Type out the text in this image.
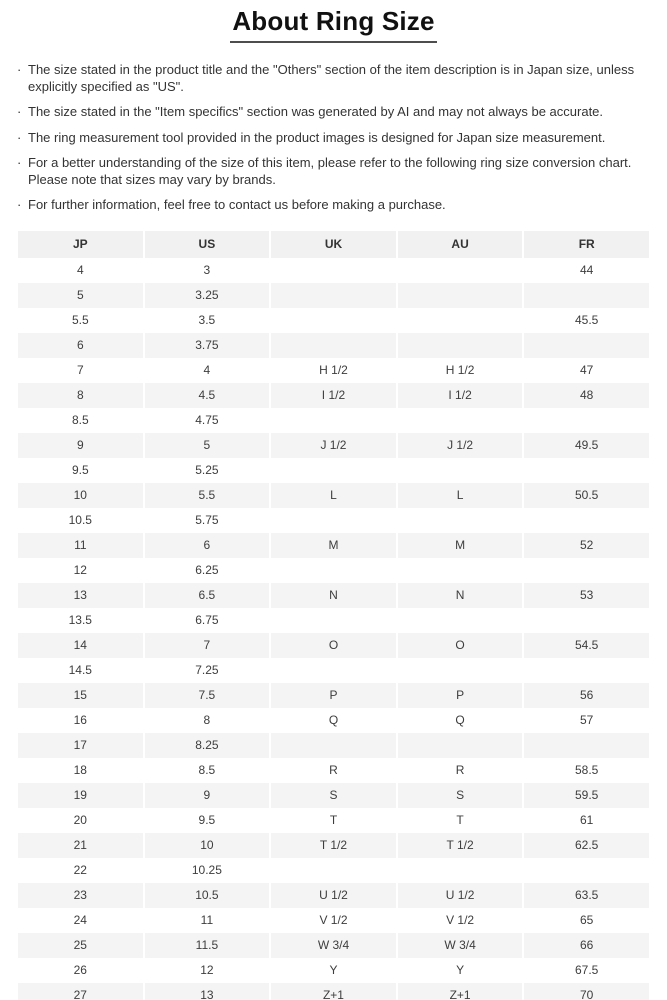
About Ring Size
· The size stated in the product title and the "Others" section of the item description is in Japan size, unless explicitly specified as "US".
· The size stated in the "Item specifics" section was generated by AI and may not always be accurate.
· The ring measurement tool provided in the product images is designed for Japan size measurement.
· For a better understanding of the size of this item, please refer to the following ring size conversion chart. Please note that sizes may vary by brands.
· For further information, feel free to contact us before making a purchase.
JP	US	UK	AU	FR
4	3			44
5	3.25			
5.5	3.5			45.5
6	3.75			
7	4	H 1/2	H 1/2	47
8	4.5	I 1/2	I 1/2	48
8.5	4.75			
9	5	J 1/2	J 1/2	49.5
9.5	5.25			
10	5.5	L	L	50.5
10.5	5.75			
11	6	M	M	52
12	6.25			
13	6.5	N	N	53
13.5	6.75			
14	7	O	O	54.5
14.5	7.25			
15	7.5	P	P	56
16	8	Q	Q	57
17	8.25			
18	8.5	R	R	58.5
19	9	S	S	59.5
20	9.5	T	T	61
21	10	T 1/2	T 1/2	62.5
22	10.25			
23	10.5	U 1/2	U 1/2	63.5
24	11	V 1/2	V 1/2	65
25	11.5	W 3/4	W 3/4	66
26	12	Y	Y	67.5
27	13	Z+1	Z+1	70
